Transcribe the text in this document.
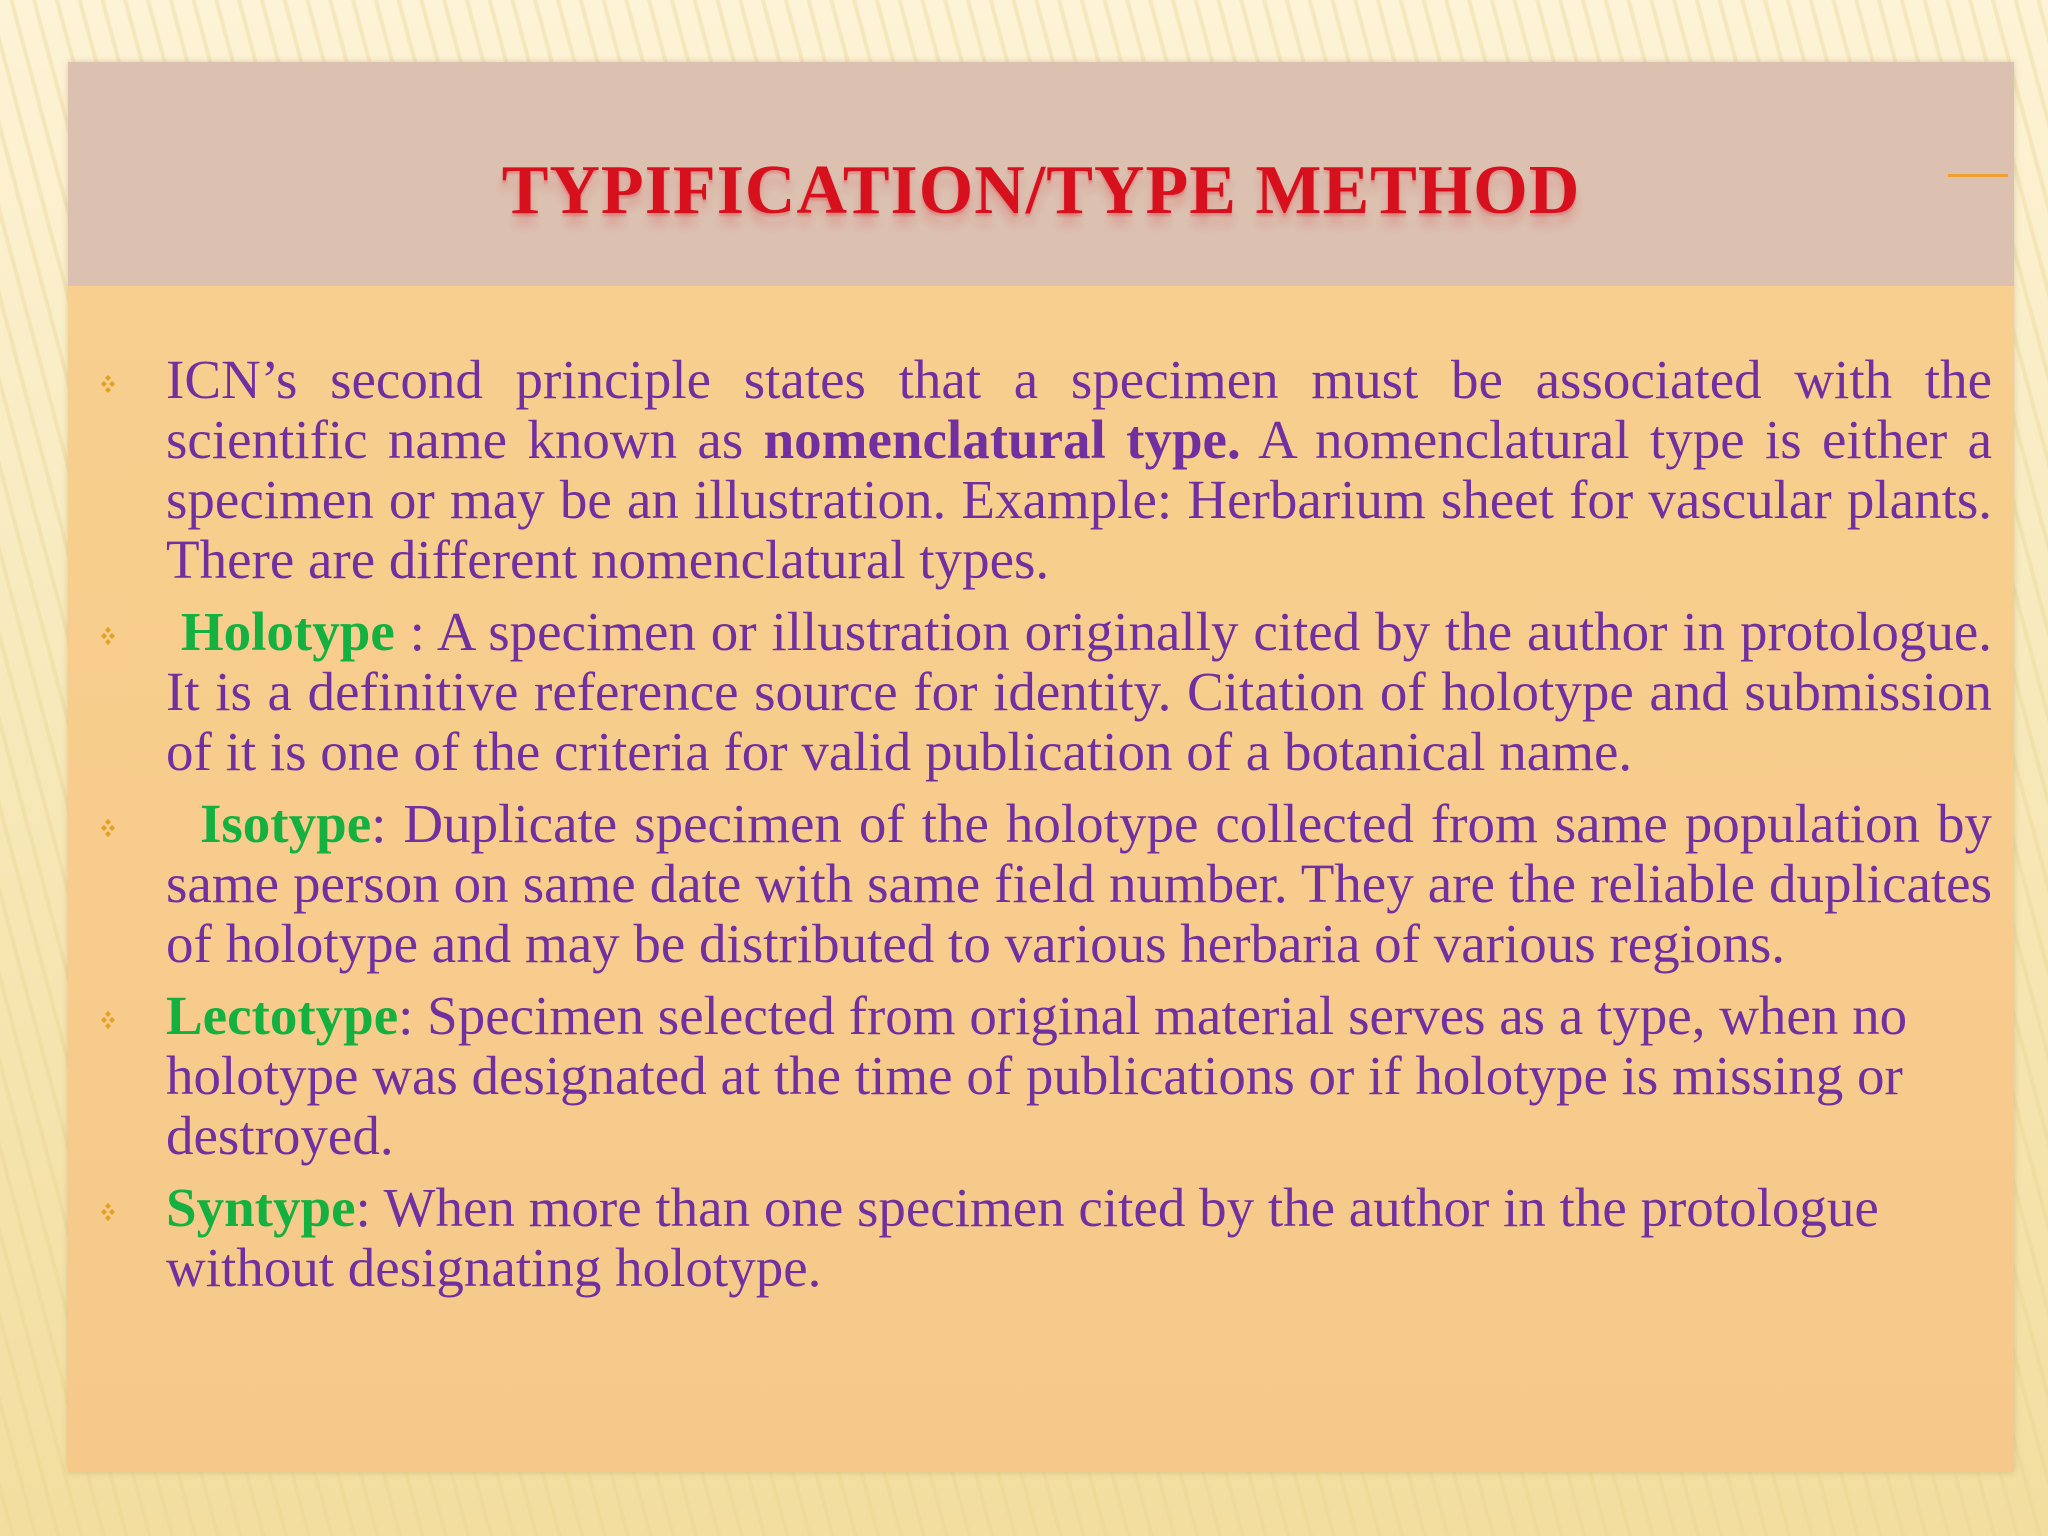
TYPIFICATION/TYPE METHOD

ICN’s second principle states that a specimen must be associated with the scientific name known as nomenclatural type. A nomenclatural type is either a specimen or may be an illustration. Example: Herbarium sheet for vascular plants. There are different nomenclatural types.

Holotype : A specimen or illustration originally cited by the author in protologue. It is a definitive reference source for identity. Citation of holotype and submission of it is one of the criteria for valid publication of a botanical name.

Isotype: Duplicate specimen of the holotype collected from same population by same person on same date with same field number. They are the reliable duplicates of holotype and may be distributed to various herbaria of various regions.

Lectotype: Specimen selected from original material serves as a type, when no holotype was designated at the time of publications or if holotype is missing or destroyed.

Syntype: When more than one specimen cited by the author in the protologue without designating holotype.
